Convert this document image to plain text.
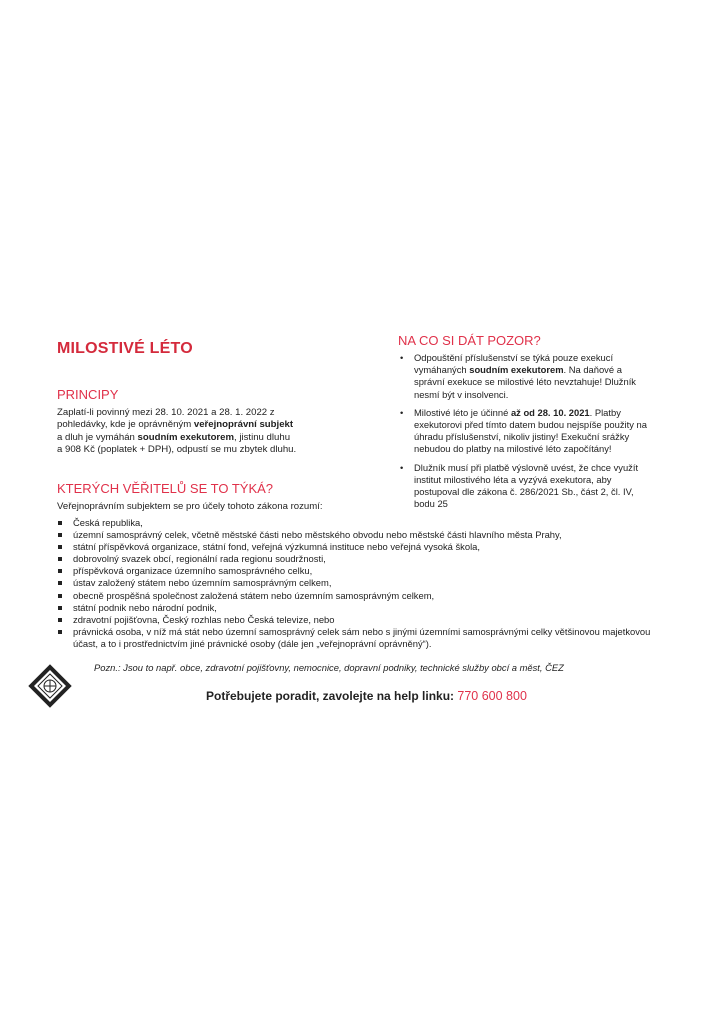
MILOSTIVÉ LÉTO
PRINCIPY
Zaplatí-li povinný mezi 28. 10. 2021 a 28. 1. 2022 z
pohledávky, kde je oprávněným veřejnoprávní subjekt
a dluh je vymáhán soudním exekutorem, jistinu dluhu
a 908 Kč (poplatek + DPH), odpustí se mu zbytek dluhu.
KTERÝCH VĚŘITELŮ SE TO TÝKÁ?
Veřejnoprávním subjektem se pro účely tohoto zákona rozumí:
Česká republika,
územní samosprávný celek, včetně městské části nebo městského obvodu nebo městské části hlavního města Prahy,
státní příspěvková organizace, státní fond, veřejná výzkumná instituce nebo veřejná vysoká škola,
dobrovolný svazek obcí, regionální rada regionu soudržnosti,
příspěvková organizace územního samosprávného celku,
ústav založený státem nebo územním samosprávným celkem,
obecně prospěšná společnost založená státem nebo územním samosprávným celkem,
státní podnik nebo národní podnik,
zdravotní pojišťovna, Český rozhlas nebo Česká televize, nebo
právnická osoba, v níž má stát nebo územní samosprávný celek sám nebo s jinými územními samosprávnými celky většinovou majetkovou účast, a to i prostřednictvím jiné právnické osoby (dále jen „veřejnoprávní oprávněný“).
NA CO SI DÁT POZOR?
• Odpouštění příslušenství se týká pouze exekucí vymáhaných soudním exekutorem. Na daňové a správní exekuce se milostivé léto nevztahuje! Dlužník nesmí být v insolvenci.
• Milostivé léto je účinné až od 28. 10. 2021. Platby exekutorovi před tímto datem budou nejspíše použity na úhradu příslušenství, nikoliv jistiny! Exekuční srážky nebudou do platby na milostivé léto započítány!
• Dlužník musí při platbě výslovně uvést, že chce využít institut milostivého léta a vyzývá exekutora, aby postupoval dle zákona č. 286/2021 Sb., část 2, čl. IV, bodu 25
Pozn.: Jsou to např. obce, zdravotní pojišťovny, nemocnice, dopravní podniky, technické služby obcí a měst, ČEZ
Potřebujete poradit, zavolejte na help linku: 770 600 800
